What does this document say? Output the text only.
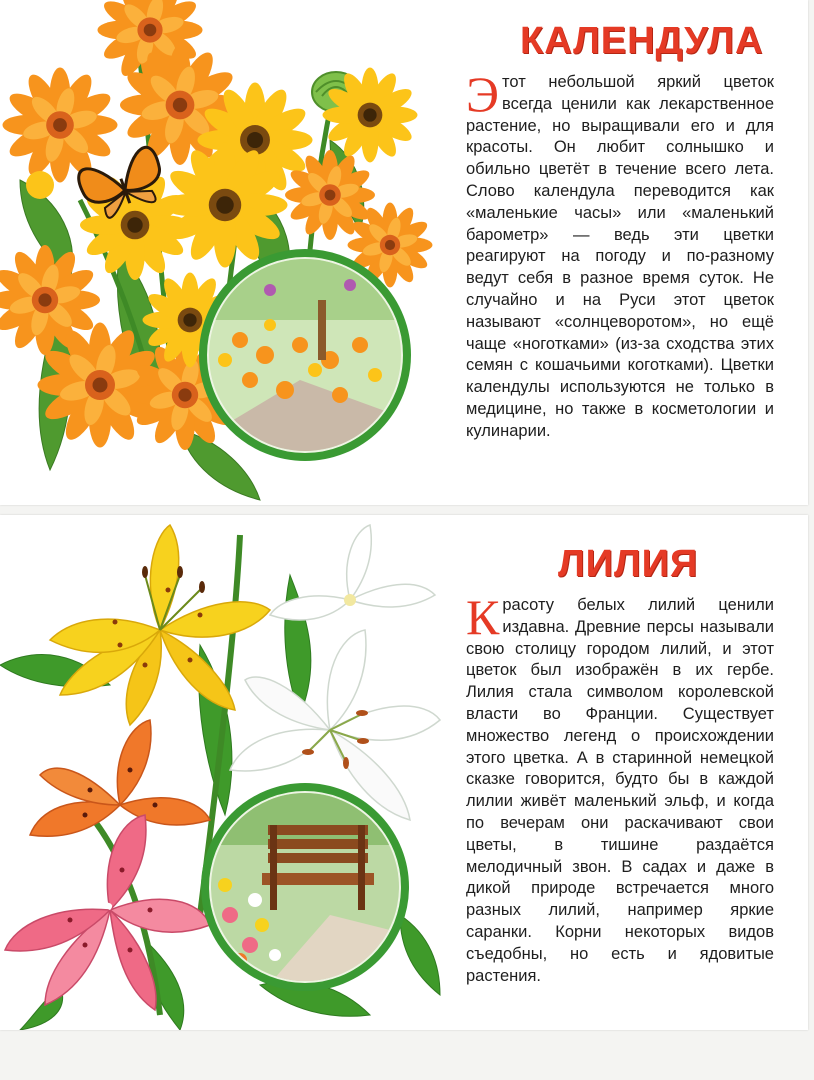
КАЛЕНДУЛА

Этот небольшой яркий цветок всегда ценили как лекарственное растение, но выращивали его и для красоты. Он любит солнышко и обильно цветёт в течение всего лета. Слово календула переводится как «маленькие часы» или «маленький барометр» — ведь эти цветки реагируют на погоду и по-разному ведут себя в разное время суток. Не случайно и на Руси этот цветок называют «солнцеворотом», но ещё чаще «ноготками» (из-за сходства этих семян с кошачьими коготками). Цветки календулы используются не только в медицине, но также в косметологии и кулинарии.

ЛИЛИЯ

Красоту белых лилий ценили издавна. Древние персы называли свою столицу городом лилий, и этот цветок был изображён в их гербе. Лилия стала символом королевской власти во Франции. Существует множество легенд о происхождении этого цветка. А в старинной немецкой сказке говорится, будто бы в каждой лилии живёт маленький эльф, и когда по вечерам они раскачивают свои цветы, в тишине раздаётся мелодичный звон. В садах и даже в дикой природе встречается много разных лилий, например яркие саранки. Корни некоторых видов съедобны, но есть и ядовитые растения.
